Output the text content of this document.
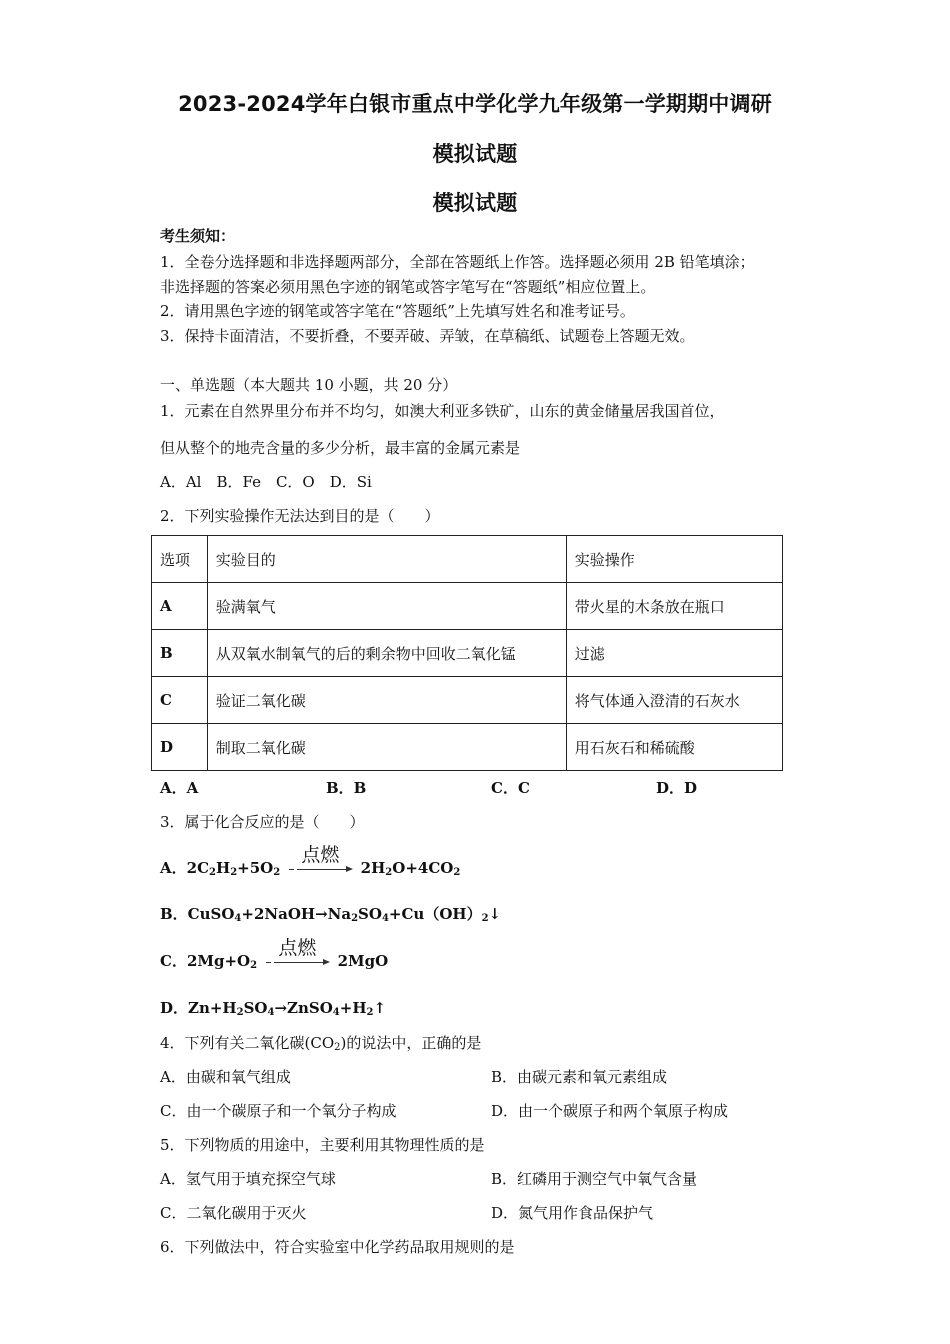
2023-2024学年白银市重点中学化学九年级第一学期期中调研
模拟试题
模拟试题
考生须知：
1．全卷分选择题和非选择题两部分，全部在答题纸上作答。选择题必须用 2B 铅笔填涂；
非选择题的答案必须用黑色字迹的钢笔或答字笔写在“答题纸”相应位置上。
2．请用黑色字迹的钢笔或答字笔在“答题纸”上先填写姓名和准考证号。
3．保持卡面清洁，不要折叠，不要弄破、弄皱，在草稿纸、试题卷上答题无效。
一、单选题（本大题共 10 小题，共 20 分）
1．元素在自然界里分布并不均匀，如澳大利亚多铁矿，山东的黄金储量居我国首位，
但从整个的地壳含量的多少分析，最丰富的金属元素是
A．Al　B．Fe　C．O　D．Si
2．下列实验操作无法达到目的是（　　）
选项	实验目的	实验操作
A	验满氧气	带火星的木条放在瓶口
B	从双氧水制氧气的后的剩余物中回收二氧化锰	过滤
C	验证二氧化碳	将气体通入澄清的石灰水
D	制取二氧化碳	用石灰石和稀硫酸
A．A	B．B	C．C	D．D
3．属于化合反应的是（　　）
A．$2C_2H_2+5O_2$
点燃
$2H_2O+4CO_2$
B．$CuSO_4+2NaOH\to Na_2SO_4+Cu(OH)_2↓$
C．$2Mg+O_2$
点燃
2MgO
D．$Zn+H_2SO_4\to ZnSO_4+H_2↑$
4．下列有关二氧化碳$(CO_2)$的说法中，正确的是
A．由碳和氧气组成	B．由碳元素和氧元素组成
C．由一个碳原子和一个氧分子构成	D．由一个碳原子和两个氧原子构成
5．下列物质的用途中，主要利用其物理性质的是
A．氢气用于填充探空气球	B．红磷用于测空气中氧气含量
C．二氧化碳用于灭火	D．氮气用作食品保护气
6．下列做法中，符合实验室中化学药品取用规则的是
